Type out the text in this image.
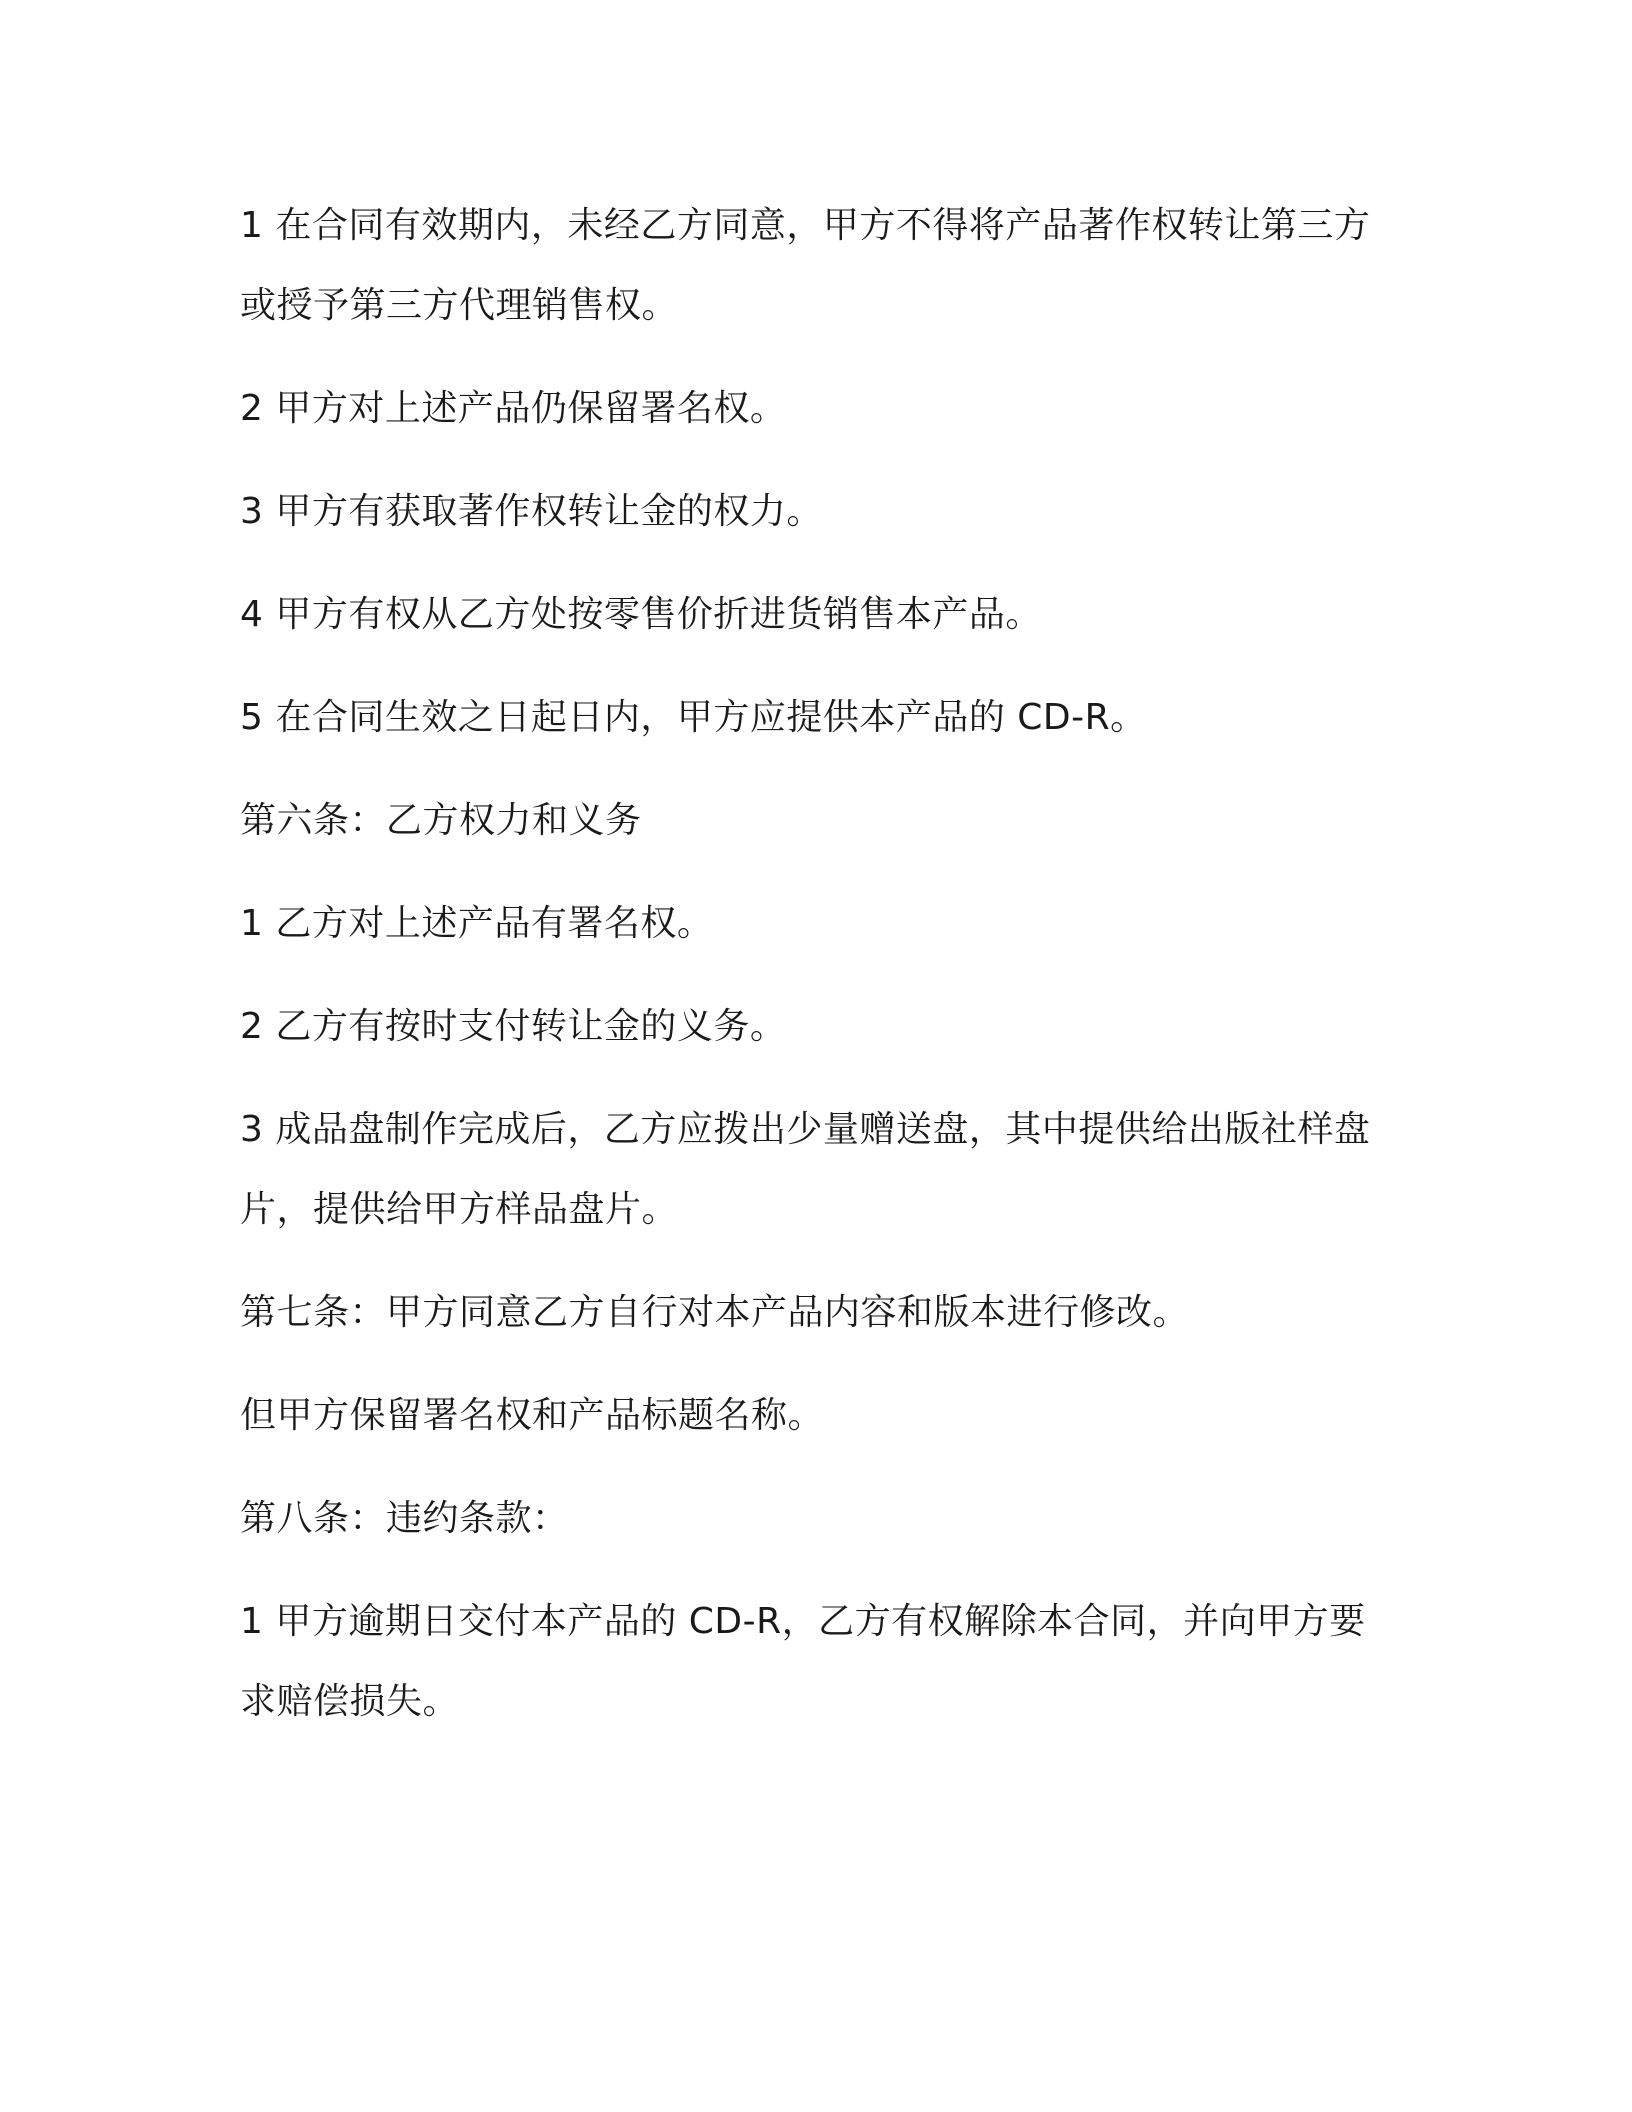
1 在合同有效期内，未经乙方同意，甲方不得将产品著作权转让第三方或授予第三方代理销售权。

2 甲方对上述产品仍保留署名权。

3 甲方有获取著作权转让金的权力。

4 甲方有权从乙方处按零售价折进货销售本产品。

5 在合同生效之日起日内，甲方应提供本产品的 CD-R。

第六条：乙方权力和义务

1 乙方对上述产品有署名权。

2 乙方有按时支付转让金的义务。

3 成品盘制作完成后，乙方应拨出少量赠送盘，其中提供给出版社样盘片，提供给甲方样品盘片。

第七条：甲方同意乙方自行对本产品内容和版本进行修改。

但甲方保留署名权和产品标题名称。

第八条：违约条款：

1 甲方逾期日交付本产品的 CD-R，乙方有权解除本合同，并向甲方要求赔偿损失。
